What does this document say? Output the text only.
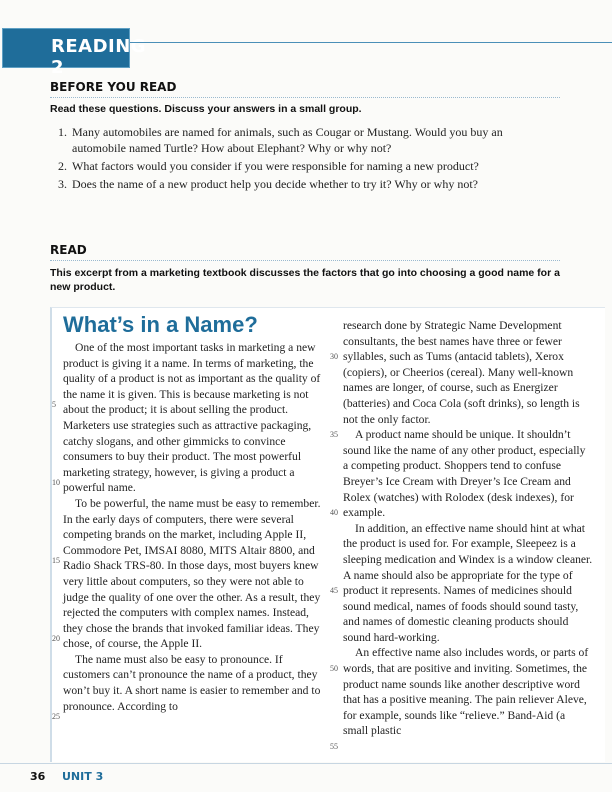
READING 2
BEFORE YOU READ
Read these questions. Discuss your answers in a small group.
1. Many automobiles are named for animals, such as Cougar or Mustang. Would you buy an automobile named Turtle? How about Elephant? Why or why not?
2. What factors would you consider if you were responsible for naming a new product?
3. Does the name of a new product help you decide whether to try it? Why or why not?
READ
This excerpt from a marketing textbook discusses the factors that go into choosing a good name for a new product.
What’s in a Name?

One of the most important tasks in marketing a new product is giving it a name. In terms of marketing, the quality of a product is not as important as the quality of the name it is given. This is because marketing is not about the product; it is about selling the product. Marketers use strategies such as attractive packaging, catchy slogans, and other gimmicks to convince consumers to buy their product. The most powerful marketing strategy, however, is giving a product a powerful name.

To be powerful, the name must be easy to remember. In the early days of computers, there were several competing brands on the market, including Apple II, Commodore Pet, IMSAI 8080, MITS Altair 8800, and Radio Shack TRS-80. In those days, most buyers knew very little about computers, so they were not able to judge the quality of one over the other. As a result, they rejected the computers with complex names. Instead, they chose the brands that invoked familiar ideas. They chose, of course, the Apple II.

The name must also be easy to pronounce. If customers can’t pronounce the name of a product, they won’t buy it. A short name is easier to remember and to pronounce. According to

research done by Strategic Name Development consultants, the best names have three or fewer syllables, such as Tums (antacid tablets), Xerox (copiers), or Cheerios (cereal). Many well-known names are longer, of course, such as Energizer (batteries) and Coca Cola (soft drinks), so length is not the only factor.

A product name should be unique. It shouldn’t sound like the name of any other product, especially a competing product. Shoppers tend to confuse Breyer’s Ice Cream with Dreyer’s Ice Cream and Rolex (watches) with Rolodex (desk indexes), for example.

In addition, an effective name should hint at what the product is used for. For example, Sleepeez is a sleeping medication and Windex is a window cleaner. A name should also be appropriate for the type of product it represents. Names of medicines should sound medical, names of foods should sound tasty, and names of domestic cleaning products should sound hard-working.

An effective name also includes words, or parts of words, that are positive and inviting. Sometimes, the product name sounds like another descriptive word that has a positive meaning. The pain reliever Aleve, for example, sounds like “relieve.” Band-Aid (a small plastic

5
10
15
20
25
30
35
40
45
50
55
36 UNIT 3
